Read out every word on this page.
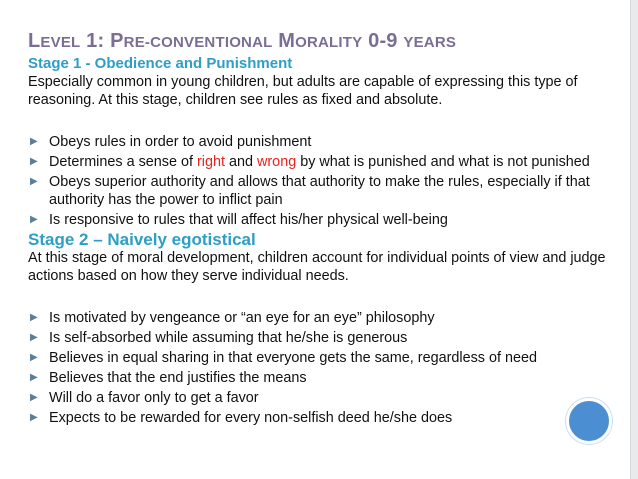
LEVEL 1: PRE-CONVENTIONAL MORALITY 0-9 YEARS

Stage 1 - Obedience and Punishment

Especially common in young children, but adults are capable of expressing this type of reasoning. At this stage, children see rules as fixed and absolute.

▶ Obeys rules in order to avoid punishment
▶ Determines a sense of right and wrong by what is punished and what is not punished
▶ Obeys superior authority and allows that authority to make the rules, especially if that authority has the power to inflict pain
▶ Is responsive to rules that will affect his/her physical well-being

Stage 2 – Naively egotistical

At this stage of moral development, children account for individual points of view and judge actions based on how they serve individual needs.

▶ Is motivated by vengeance or “an eye for an eye” philosophy
▶ Is self-absorbed while assuming that he/she is generous
▶ Believes in equal sharing in that everyone gets the same, regardless of need
▶ Believes that the end justifies the means
▶ Will do a favor only to get a favor
▶ Expects to be rewarded for every non-selfish deed he/she does
